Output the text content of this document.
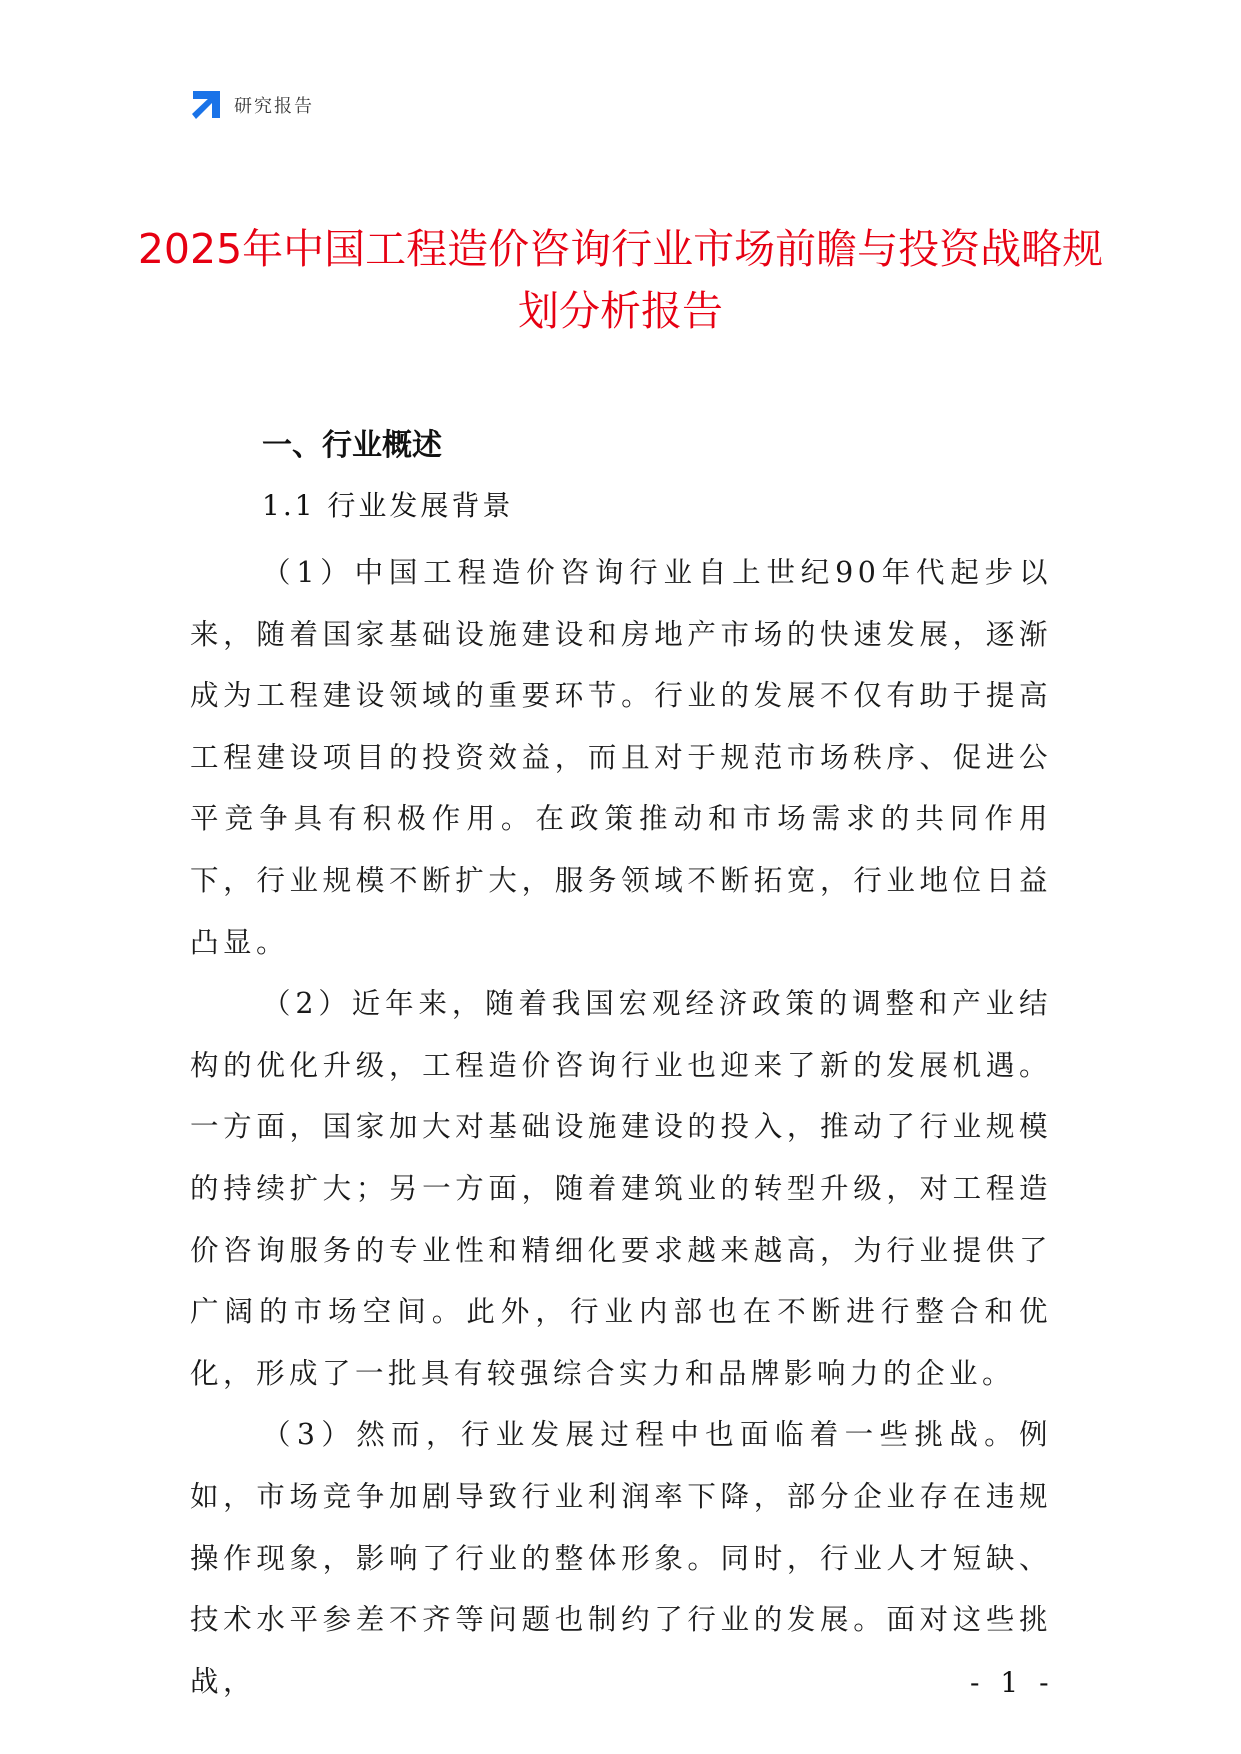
研究报告
2025年中国工程造价咨询行业市场前瞻与投资战略规划分析报告
一、行业概述
1.1 行业发展背景

（1）中国工程造价咨询行业自上世纪90年代起步以来，随着国家基础设施建设和房地产市场的快速发展，逐渐成为工程建设领域的重要环节。行业的发展不仅有助于提高工程建设项目的投资效益，而且对于规范市场秩序、促进公平竞争具有积极作用。在政策推动和市场需求的共同作用下，行业规模不断扩大，服务领域不断拓宽，行业地位日益凸显。

（2）近年来，随着我国宏观经济政策的调整和产业结构的优化升级，工程造价咨询行业也迎来了新的发展机遇。一方面，国家加大对基础设施建设的投入，推动了行业规模的持续扩大；另一方面，随着建筑业的转型升级，对工程造价咨询服务的专业性和精细化要求越来越高，为行业提供了广阔的市场空间。此外，行业内部也在不断进行整合和优化，形成了一批具有较强综合实力和品牌影响力的企业。

（3）然而，行业发展过程中也面临着一些挑战。例如，市场竞争加剧导致行业利润率下降，部分企业存在违规操作现象，影响了行业的整体形象。同时，行业人才短缺、技术水平参差不齐等问题也制约了行业的发展。面对这些挑战，	- 1 -
